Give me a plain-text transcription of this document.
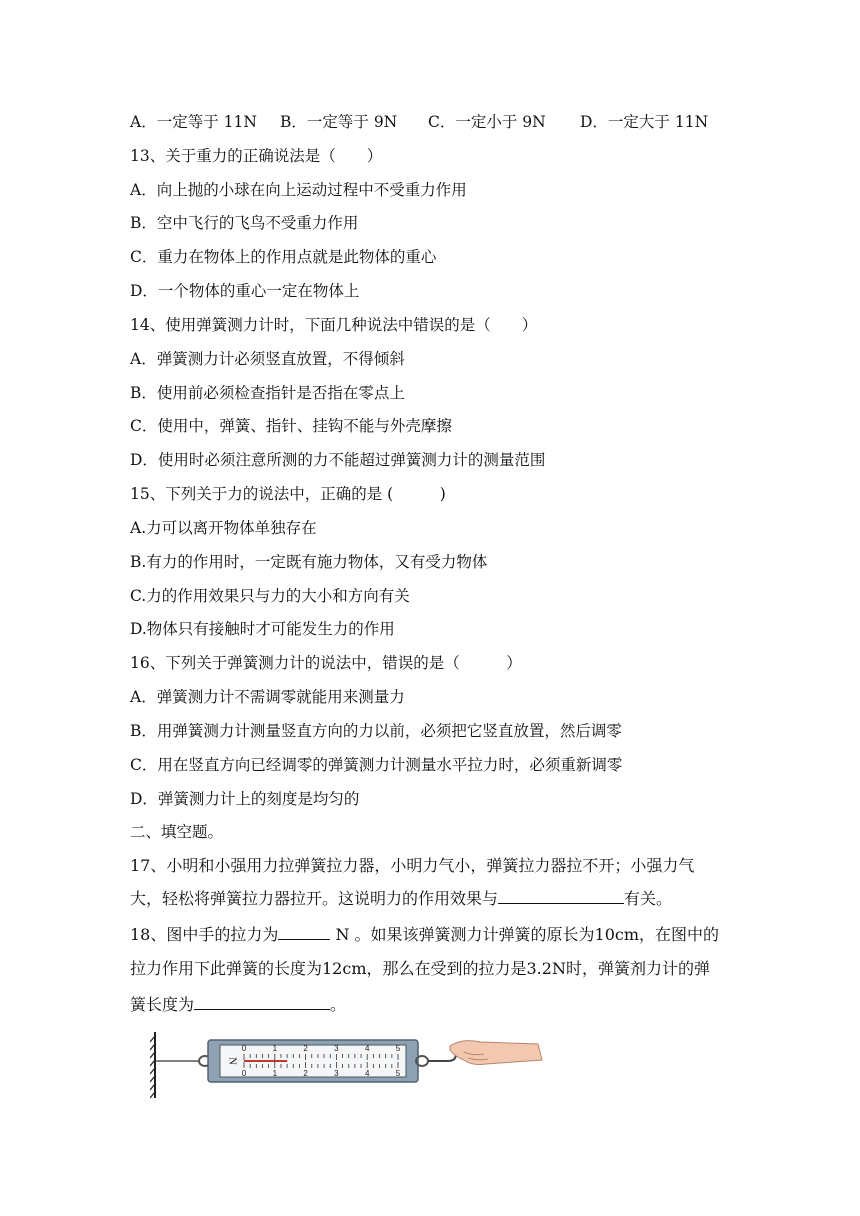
A．一定等于 11N B．一定等于 9N C．一定小于 9N D．一定大于 11N
13、关于重力的正确说法是（　　）
A．向上抛的小球在向上运动过程中不受重力作用
B．空中飞行的飞鸟不受重力作用
C．重力在物体上的作用点就是此物体的重心
D．一个物体的重心一定在物体上
14、使用弹簧测力计时，下面几种说法中错误的是（　　）
A．弹簧测力计必须竖直放置，不得倾斜
B．使用前必须检查指针是否指在零点上
C．使用中，弹簧、指针、挂钩不能与外壳摩擦
D．使用时必须注意所测的力不能超过弹簧测力计的测量范围
15、下列关于力的说法中，正确的是 (　　　)
A.力可以离开物体单独存在
B.有力的作用时，一定既有施力物体，又有受力物体
C.力的作用效果只与力的大小和方向有关
D.物体只有接触时才可能发生力的作用
16、下列关于弹簧测力计的说法中，错误的是（　　　）
A．弹簧测力计不需调零就能用来测量力
B．用弹簧测力计测量竖直方向的力以前，必须把它竖直放置，然后调零
C．用在竖直方向已经调零的弹簧测力计测量水平拉力时，必须重新调零
D．弹簧测力计上的刻度是均匀的
二、填空题。
17、小明和小强用力拉弹簧拉力器，小明力气小，弹簧拉力器拉不开；小强力气
大，轻松将弹簧拉力器拉开。这说明力的作用效果与	有关。
18、图中手的拉力为	N 。如果该弹簧测力计弹簧的原长为10cm，在图中的
拉力作用下此弹簧的长度为12cm，那么在受到的拉力是3.2N时，弹簧剂力计的弹
簧长度为	。
N
0	1	2	3	4	5
0	1	2	3	4	5
